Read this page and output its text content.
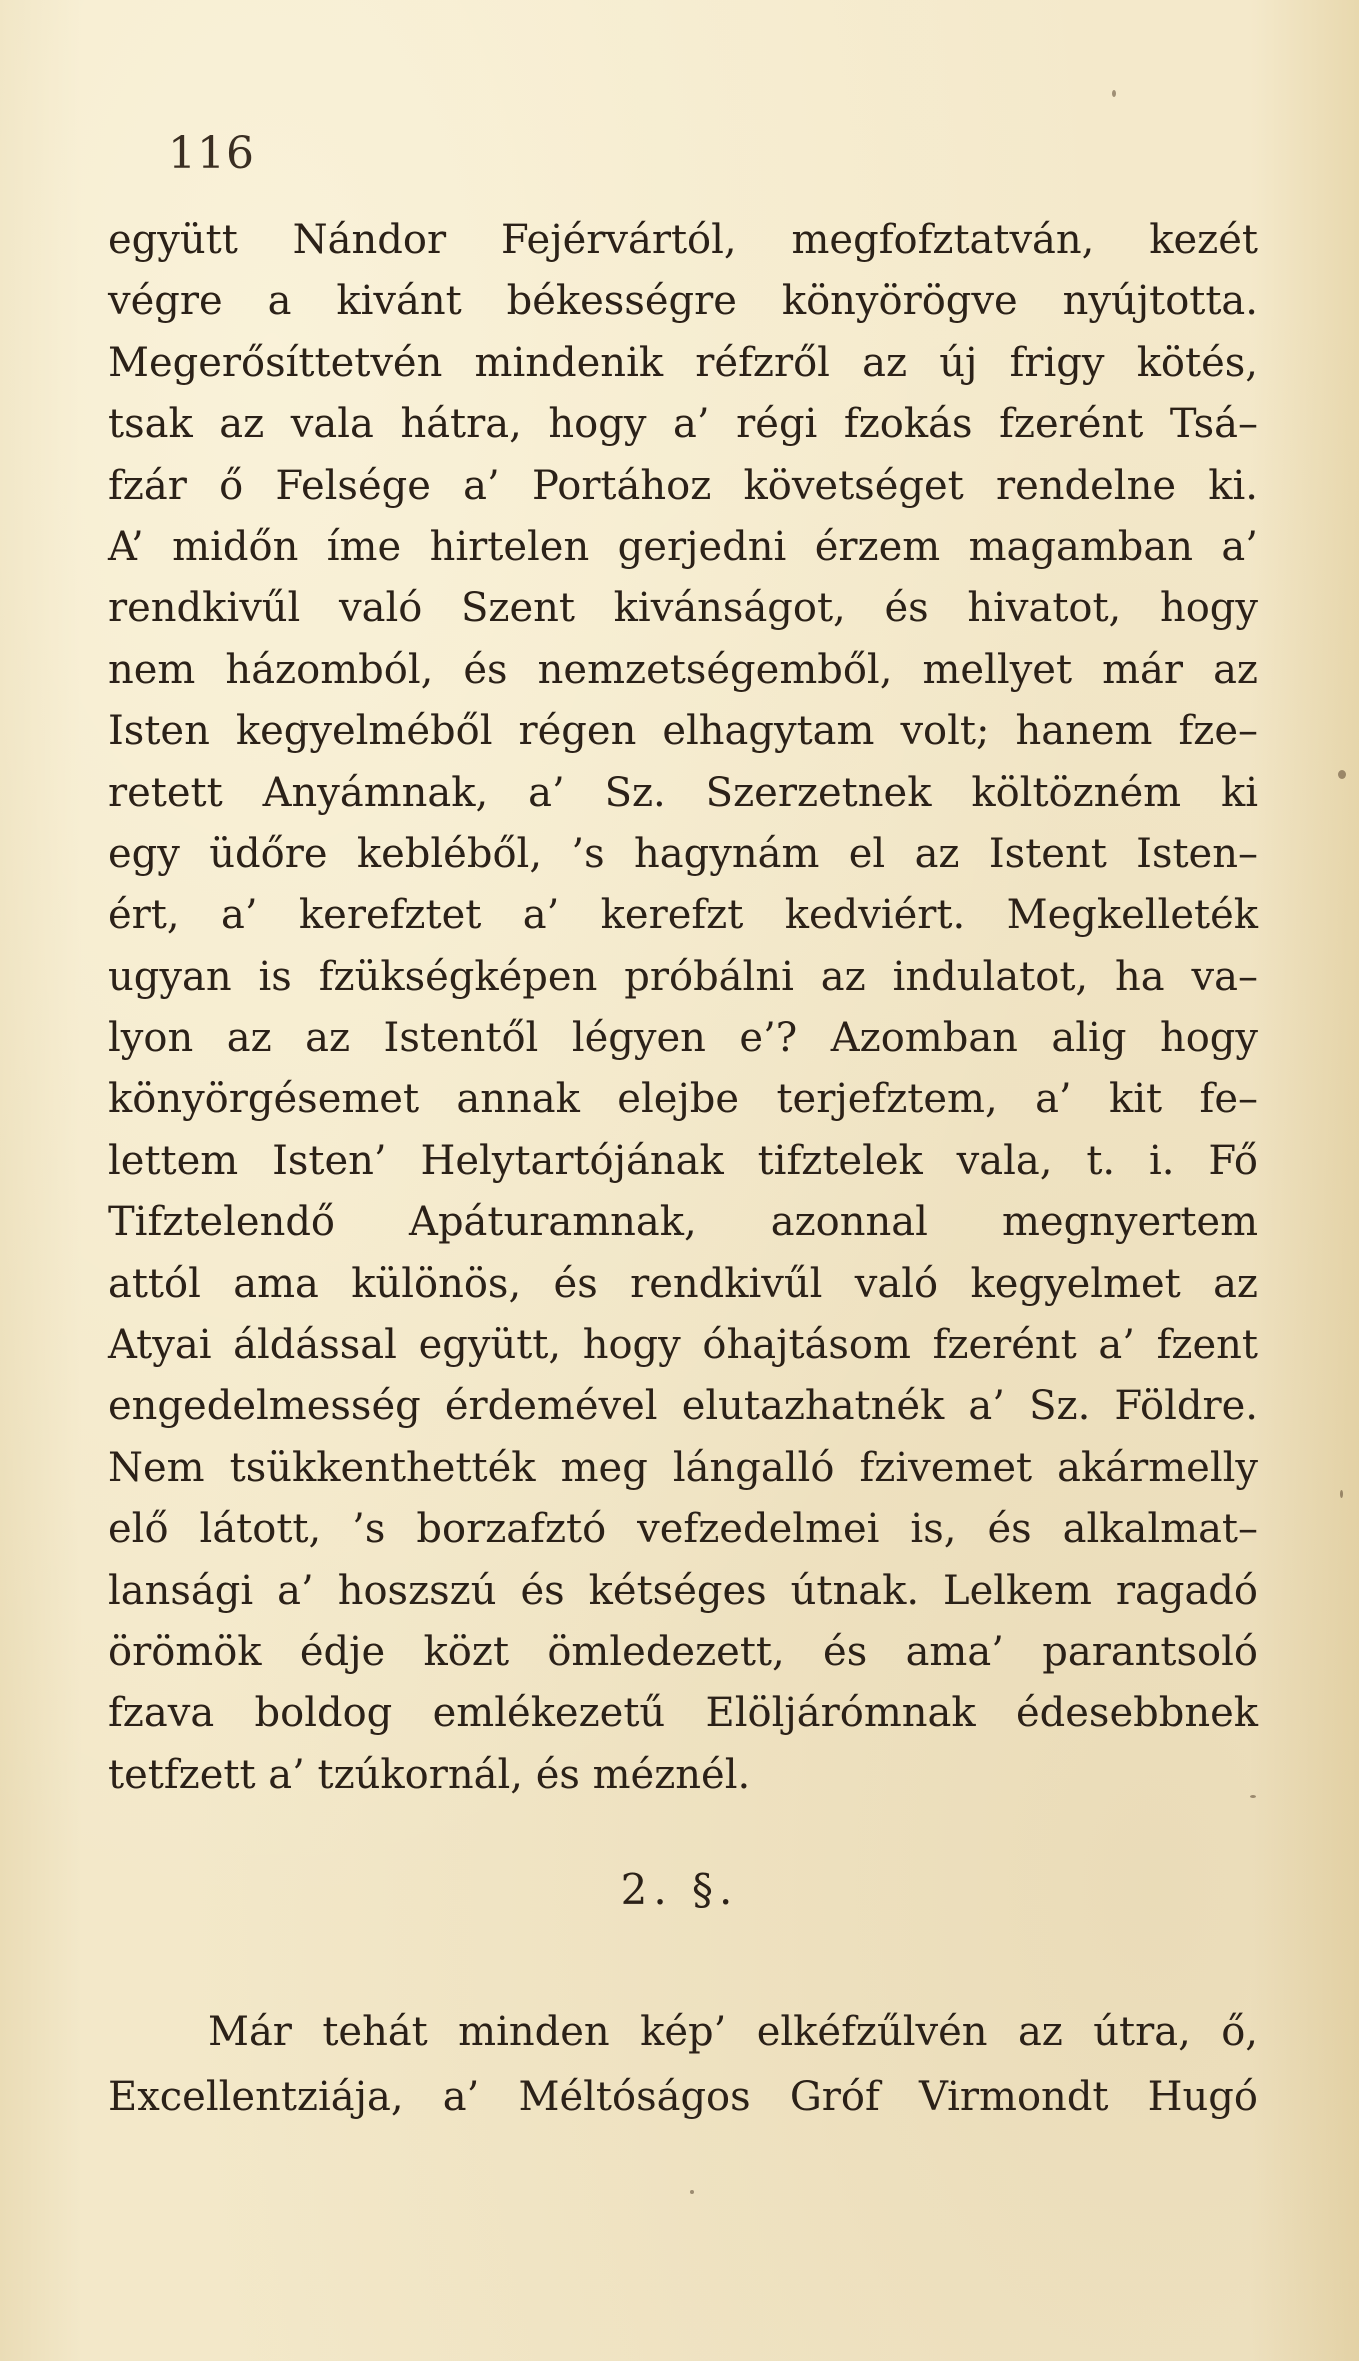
116
együtt Nándor Fejérvártól, megfofztatván, kezét
végre a kivánt békességre könyörögve nyújtotta.
Megerősíttetvén mindenik réfzről az új frigy kötés,
tsak az vala hátra, hogy a’ régi fzokás fzerént Tsá–
fzár ő Felsége a’ Portához követséget rendelne ki.
A’ midőn íme hirtelen gerjedni érzem magamban a’
rendkivűl való Szent kivánságot, és hivatot, hogy
nem házomból, és nemzetségemből, mellyet már az
Isten kegyelméből régen elhagytam volt; hanem fze–
retett Anyámnak, a’ Sz. Szerzetnek költözném ki
egy üdőre kebléből, ’s hagynám el az Istent Isten–
ért, a’ kerefztet a’ kerefzt kedviért. Megkelleték
ugyan is fzükségképen próbálni az indulatot, ha va–
lyon az az Istentől légyen e’? Azomban alig hogy
könyörgésemet annak elejbe terjefztem, a’ kit fe–
lettem Isten’ Helytartójának tifztelek vala, t. i. Fő
Tifztelendő Apáturamnak, azonnal megnyertem
attól ama különös, és rendkivűl való kegyelmet az
Atyai áldással együtt, hogy óhajtásom fzerént a’ fzent
engedelmesség érdemével elutazhatnék a’ Sz. Földre.
Nem tsükkenthették meg lángalló fzivemet akármelly
elő látott, ’s borzafztó vefzedelmei is, és alkalmat–
lansági a’ hoszszú és kétséges útnak. Lelkem ragadó
örömök édje közt ömledezett, és ama’ parantsoló
fzava boldog emlékezetű Elöljárómnak édesebbnek
tetfzett a’ tzúkornál, és méznél.
2. §.
Már tehát minden kép’ elkéfzűlvén az útra, ő,
Excellentziája, a’ Méltóságos Gróf Virmondt Hugó
